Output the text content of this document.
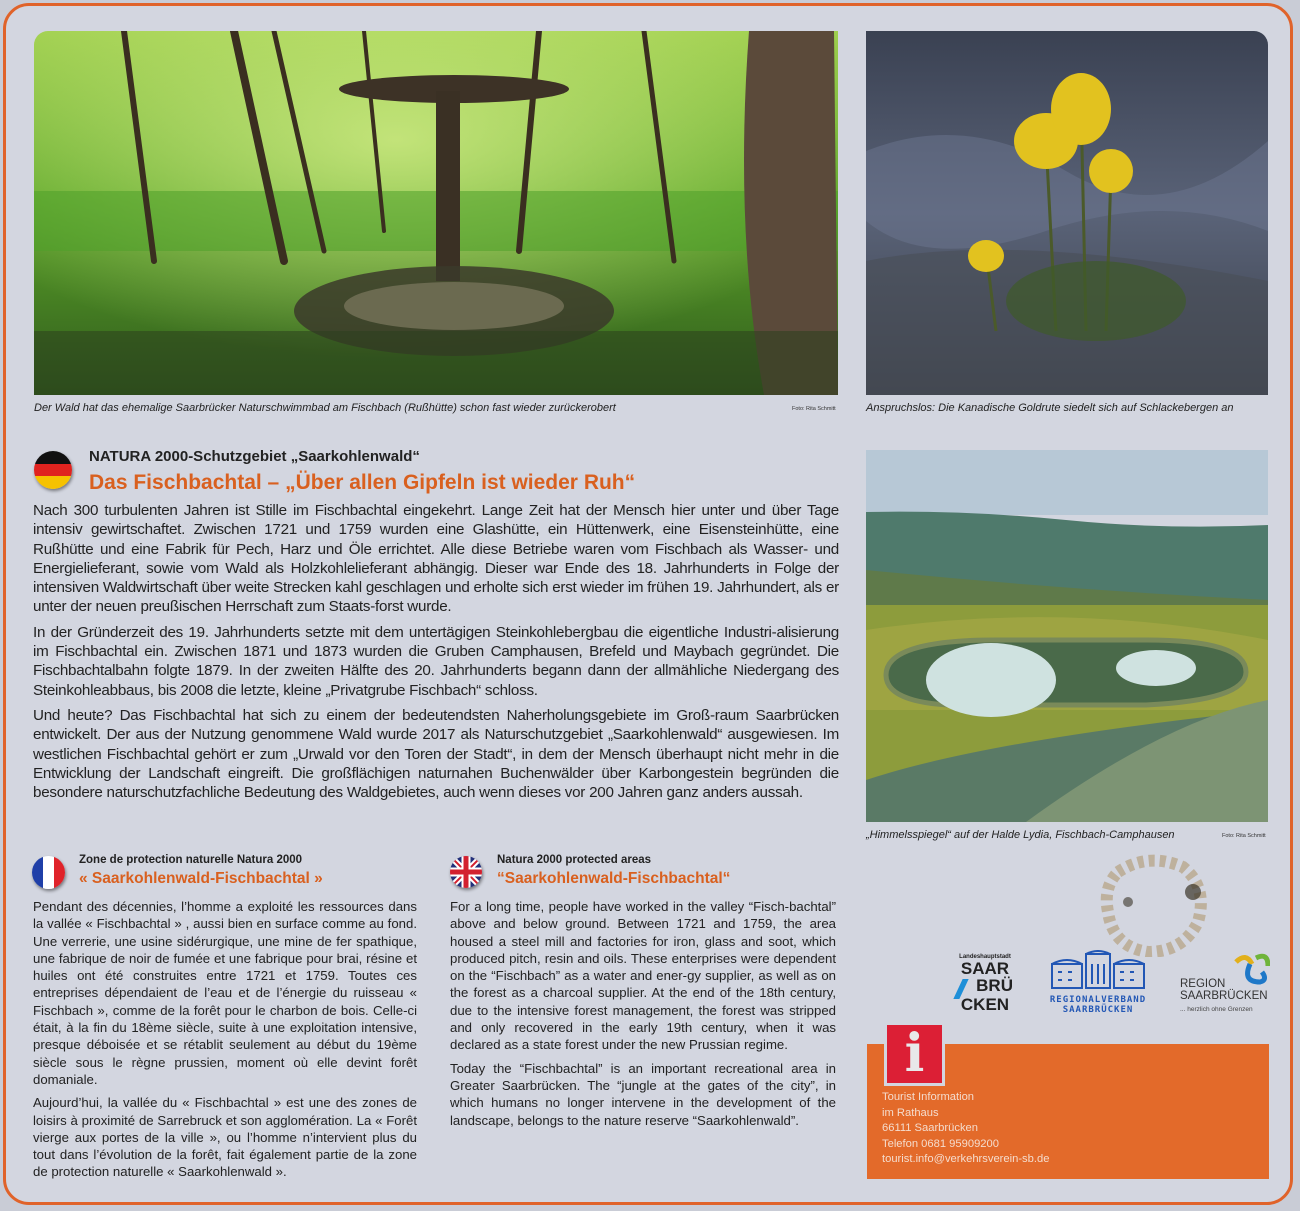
Der Wald hat das ehemalige Saarbrücker Naturschwimmbad am Fischbach (Rußhütte) schon fast wieder zurückerobert	Foto: Rita Schmitt	Anspruchslos: Die Kanadische Goldrute siedelt sich auf Schlackebergen an
NATURA 2000-Schutzgebiet „Saarkohlenwald“
Das Fischbachtal – „Über allen Gipfeln ist wieder Ruh“

Nach 300 turbulenten Jahren ist Stille im Fischbachtal eingekehrt. Lange Zeit hat der Mensch hier unter und über Tage intensiv gewirtschaftet. Zwischen 1721 und 1759 wurden eine Glashütte, ein Hüttenwerk, eine Eisensteinhütte, eine Rußhütte und eine Fabrik für Pech, Harz und Öle errichtet. Alle diese Betriebe waren vom Fischbach als Wasser- und Energielieferant, sowie vom Wald als Holzkohlelieferant abhängig. Dieser war Ende des 18. Jahrhunderts in Folge der intensiven Waldwirtschaft über weite Strecken kahl geschlagen und erholte sich erst wieder im frühen 19. Jahrhundert, als er unter der neuen preußischen Herrschaft zum Staats-forst wurde.

In der Gründerzeit des 19. Jahrhunderts setzte mit dem untertägigen Steinkohlebergbau die eigentliche Industri-alisierung im Fischbachtal ein. Zwischen 1871 und 1873 wurden die Gruben Camphausen, Brefeld und Maybach gegründet. Die Fischbachtalbahn folgte 1879. In der zweiten Hälfte des 20. Jahrhunderts begann dann der allmähliche Niedergang des Steinkohleabbaus, bis 2008 die letzte, kleine „Privatgrube Fischbach“ schloss.

Und heute? Das Fischbachtal hat sich zu einem der bedeutendsten Naherholungsgebiete im Groß-raum Saarbrücken entwickelt. Der aus der Nutzung genommene Wald wurde 2017 als Naturschutzgebiet „Saarkohlenwald“ ausgewiesen. Im westlichen Fischbachtal gehört er zum „Urwald vor den Toren der Stadt“, in dem der Mensch überhaupt nicht mehr in die Entwicklung der Landschaft eingreift. Die großflächigen naturnahen Buchenwälder über Karbongestein begründen die besondere naturschutzfachliche Bedeutung des Waldgebietes, auch wenn dieses vor 200 Jahren ganz anders aussah.

„Himmelsspiegel“ auf der Halde Lydia, Fischbach-Camphausen	Foto: Rita Schmitt
Zone de protection naturelle Natura 2000
« Saarkohlenwald-Fischbachtal »

Pendant des décennies, l’homme a exploité les ressources dans la vallée « Fischbachtal » , aussi bien en surface comme au fond. Une verrerie, une usine sidérurgique, une mine de fer spathique, une fabrique de noir de fumée et une fabrique pour brai, résine et huiles ont été construites entre 1721 et 1759. Toutes ces entreprises dépendaient de l’eau et de l’énergie du ruisseau « Fischbach », comme de la forêt pour le charbon de bois. Celle-ci était, à la fin du 18ème siècle, suite à une exploitation intensive, presque déboisée et se rétablit seulement au début du 19ème siècle sous le règne prussien, moment où elle devint forêt domaniale.

Aujourd’hui, la vallée du « Fischbachtal » est une des zones de loisirs à proximité de Sarrebruck et son agglomération. La « Forêt vierge aux portes de la ville », ou l’homme n’intervient plus du tout dans l’évolution de la forêt, fait également partie de la zone de protection naturelle « Saarkohlenwald ».

Natura 2000 protected areas
“Saarkohlenwald-Fischbachtal“

For a long time, people have worked in the valley “Fisch-bachtal” above and below ground. Between 1721 and 1759, the area housed a steel mill and factories for iron, glass and soot, which produced pitch, resin and oils. These enterprises were dependent on the “Fischbach” as a water and ener-gy supplier, as well as on the forest as a charcoal supplier. At the end of the 18th century, due to the intensive forest management, the forest was stripped and only recovered in the early 19th century, when it was declared as a state forest under the new Prussian regime.

Today the “Fischbachtal” is an important recreational area in Greater Saarbrücken. The “jungle at the gates of the city”, in which humans no longer intervene in the development of the landscape, belongs to the nature reserve “Saarkohlenwald”.

Landeshauptstadt
SAAR
BRÜ
CKEN	REGIONALVERBAND
SAARBRÜCKEN
REGION
SAARBRÜCKEN
... herzlich ohne Grenzen
i
Tourist Information
im Rathaus
66111 Saarbrücken
Telefon 0681 95909200
tourist.info@verkehrsverein-sb.de
